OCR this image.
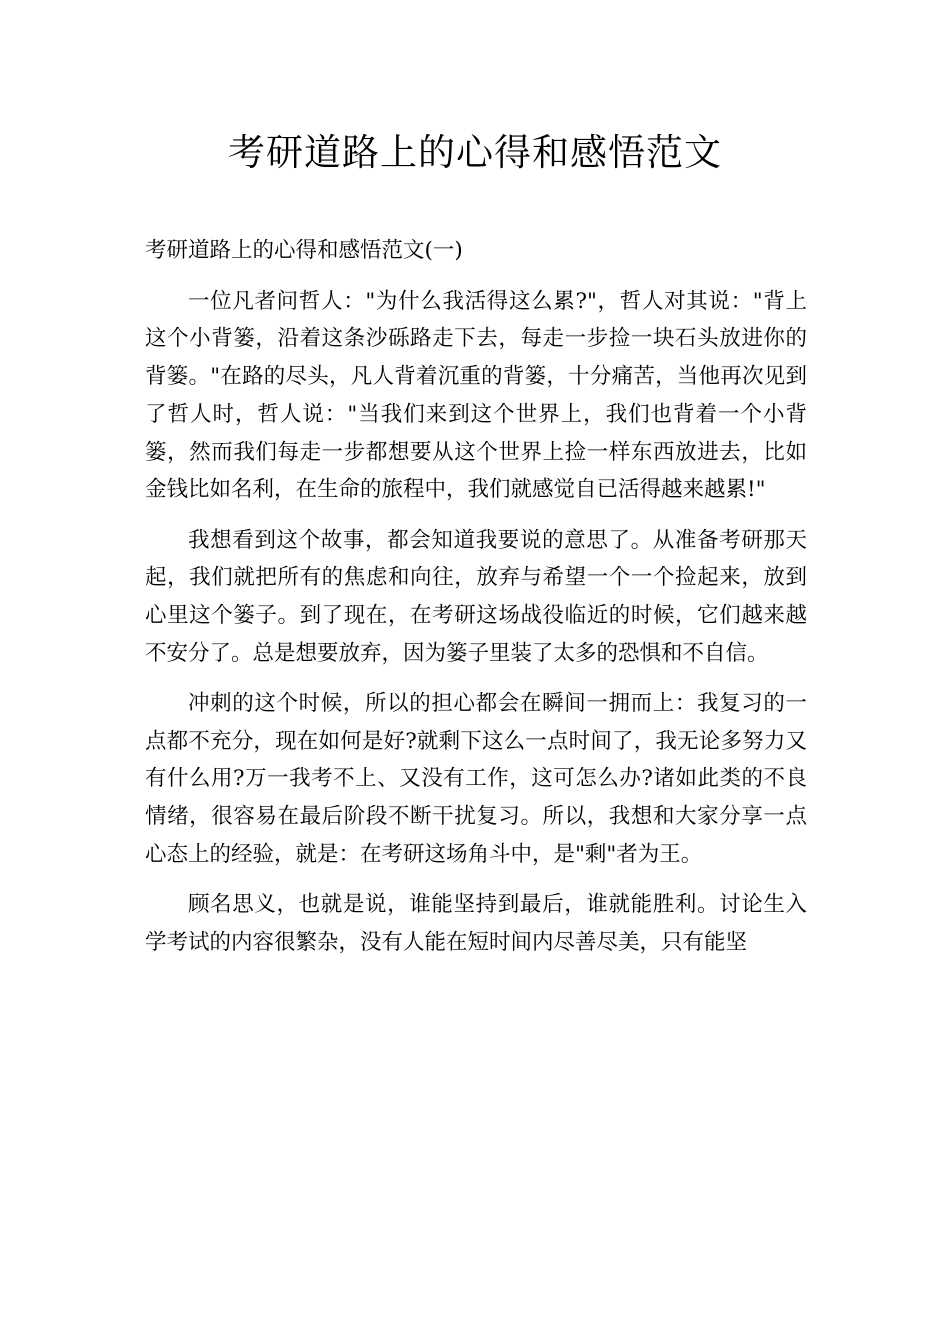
考研道路上的心得和感悟范文
考研道路上的心得和感悟范文(一)

一位凡者问哲人："为什么我活得这么累?"，哲人对其说："背上这个小背篓，沿着这条沙砾路走下去，每走一步捡一块石头放进你的背篓。"在路的尽头，凡人背着沉重的背篓，十分痛苦，当他再次见到了哲人时，哲人说："当我们来到这个世界上，我们也背着一个小背篓，然而我们每走一步都想要从这个世界上捡一样东西放进去，比如金钱比如名利，在生命的旅程中，我们就感觉自已活得越来越累!"

我想看到这个故事，都会知道我要说的意思了。从准备考研那天起，我们就把所有的焦虑和向往，放弃与希望一个一个捡起来，放到心里这个篓子。到了现在，在考研这场战役临近的时候，它们越来越不安分了。总是想要放弃，因为篓子里装了太多的恐惧和不自信。

冲刺的这个时候，所以的担心都会在瞬间一拥而上：我复习的一点都不充分，现在如何是好?就剩下这么一点时间了，我无论多努力又有什么用?万一我考不上、又没有工作，这可怎么办?诸如此类的不良情绪，很容易在最后阶段不断干扰复习。所以，我想和大家分享一点心态上的经验，就是：在考研这场角斗中，是"剩"者为王。

顾名思义，也就是说，谁能坚持到最后，谁就能胜利。讨论生入学考试的内容很繁杂，没有人能在短时间内尽善尽美，只有能坚
